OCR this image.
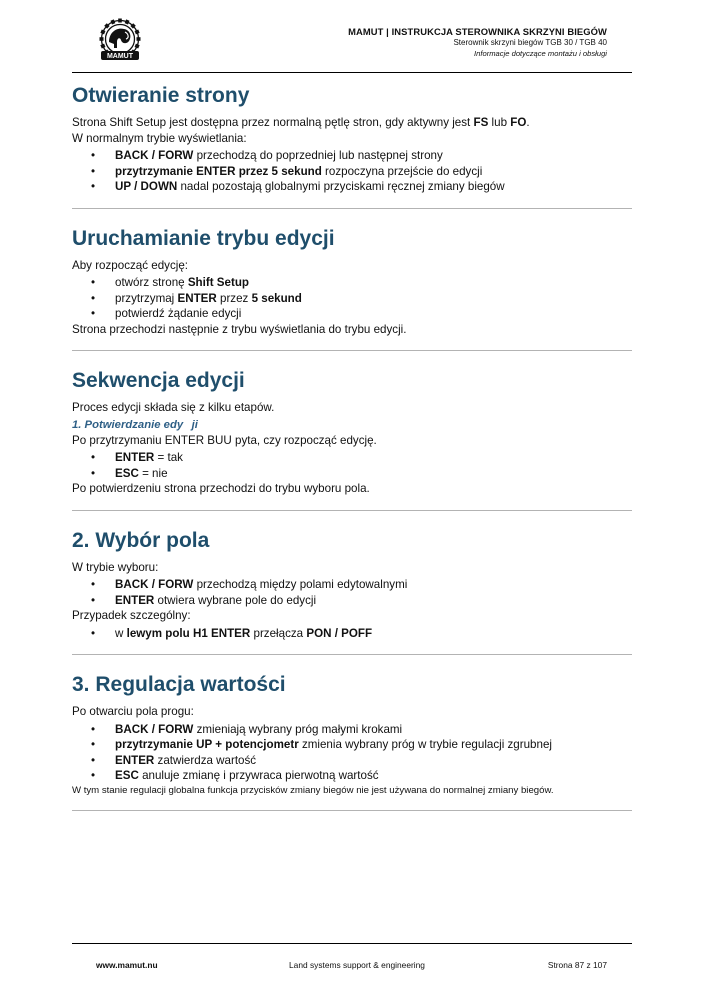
MAMUT
MAMUT | INSTRUKCJA STEROWNIKA SKRZYNI BIEGÓW
Sterownik skrzyni biegów TGB 30 / TGB 40
Informacje dotyczące montażu i obsługi
Otwieranie strony

Strona Shift Setup jest dostępna przez normalną pętlę stron, gdy aktywny jest FS lub FO.

W normalnym trybie wyświetlania:

• BACK / FORW przechodzą do poprzedniej lub następnej strony
• przytrzymanie ENTER przez 5 sekund rozpoczyna przejście do edycji
• UP / DOWN nadal pozostają globalnymi przyciskami ręcznej zmiany biegów
Uruchamianie trybu edycji

Aby rozpocząć edycję:

• otwórz stronę Shift Setup
• przytrzymaj ENTER przez 5 sekund
• potwierdź żądanie edycji

Strona przechodzi następnie z trybu wyświetlania do trybu edycji.

Sekwencja edycji

Proces edycji składa się z kilku etapów.

1. Potwierdzanie edy ji

Po przytrzymaniu ENTER BUU pyta, czy rozpocząć edycję.

• ENTER = tak
• ESC = nie

Po potwierdzeniu strona przechodzi do trybu wyboru pola.

2. Wybór pola

W trybie wyboru:

• BACK / FORW przechodzą między polami edytowalnymi
• ENTER otwiera wybrane pole do edycji

Przypadek szczególny:

• w lewym polu H1 ENTER przełącza PON / POFF
3. Regulacja wartości

Po otwarciu pola progu:

• BACK / FORW zmieniają wybrany próg małymi krokami
• przytrzymanie UP + potencjometr zmienia wybrany próg w trybie regulacji zgrubnej
• ENTER zatwierdza wartość
• ESC anuluje zmianę i przywraca pierwotną wartość

W tym stanie regulacji globalna funkcja przycisków zmiany biegów nie jest używana do normalnej zmiany biegów.

www.mamut.nu	Land systems support & engineering	Strona 87 z 107
